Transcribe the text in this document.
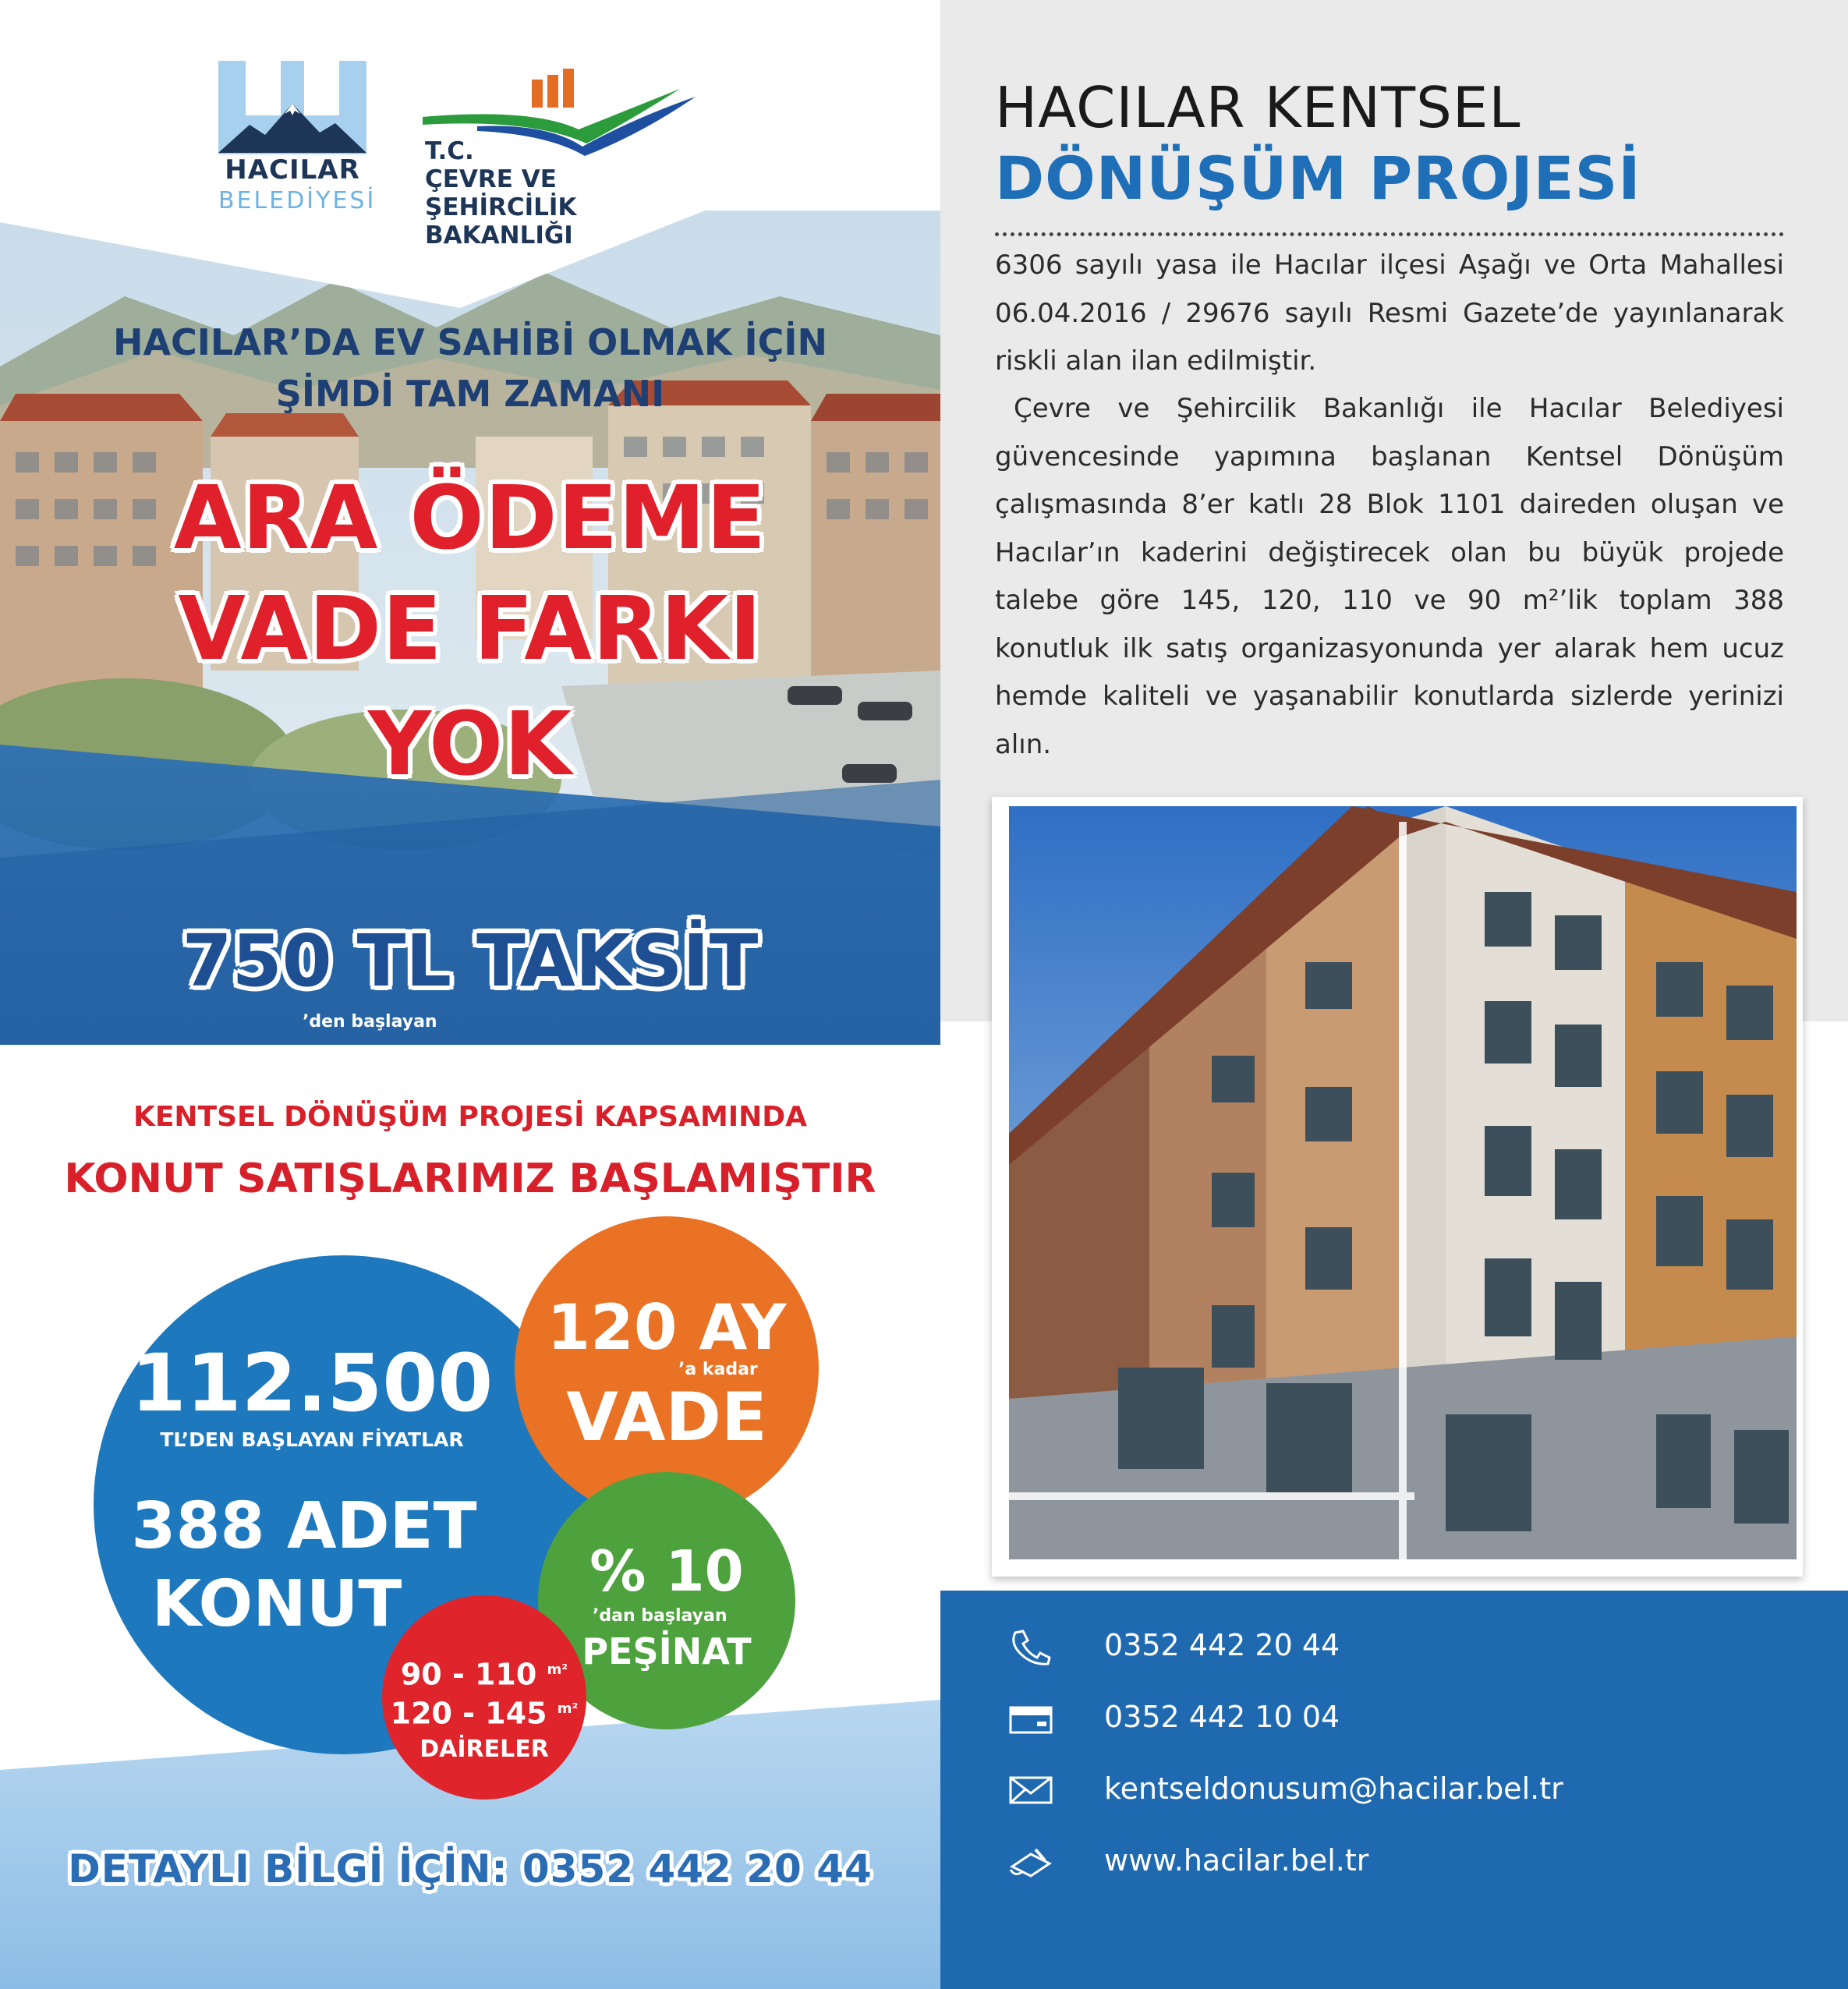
HACILAR
BELEDİYESİ
T.C.
ÇEVRE VE ŞEHİRCİLİK
BAKANLIĞI
HACILAR’DA EV SAHİBİ OLMAK İÇİN
ŞİMDİ TAM ZAMANI
ARA ÖDEME
VADE FARKI
YOK
750 TL TAKSİT
’den başlayan
KENTSEL DÖNÜŞÜM PROJESİ KAPSAMINDA
KONUT SATIŞLARIMIZ BAŞLAMIŞTIR
112.500
TL’DEN BAŞLAYAN FİYATLAR
388 ADET
KONUT
120 AY
’a kadar
VADE
% 10
’dan başlayan
PEŞİNAT
90 - 110 $^{m^2}$
120 - 145 $^{m^2}$
DAİRELER
DETAYLI BİLGİ İÇİN: 0352 442 20 44
HACILAR KENTSEL
DÖNÜŞÜM PROJESİ
6306 sayılı yasa ile Hacılar ilçesi Aşağı ve Orta Mahallesi 06.04.2016 / 29676 sayılı Resmi Gazete’de yayınlanarak riskli alan ilan edilmiştir.
Çevre ve Şehircilik Bakanlığı ile Hacılar Belediyesi güvencesinde yapımına başlanan Kentsel Dönüşüm çalışmasında 8’er katlı 28 Blok 1101 daireden oluşan ve Hacılar’ın kaderini değiştirecek olan bu büyük projede talebe göre 145, 120, 110 ve 90 m²’lik toplam 388 konutluk ilk satış organizasyonunda yer alarak hem ucuz hemde kaliteli ve yaşanabilir konutlarda sizlerde yerinizi alın.
0352 442 20 44
0352 442 10 04
kentseldonusum@hacilar.bel.tr
www.hacilar.bel.tr
